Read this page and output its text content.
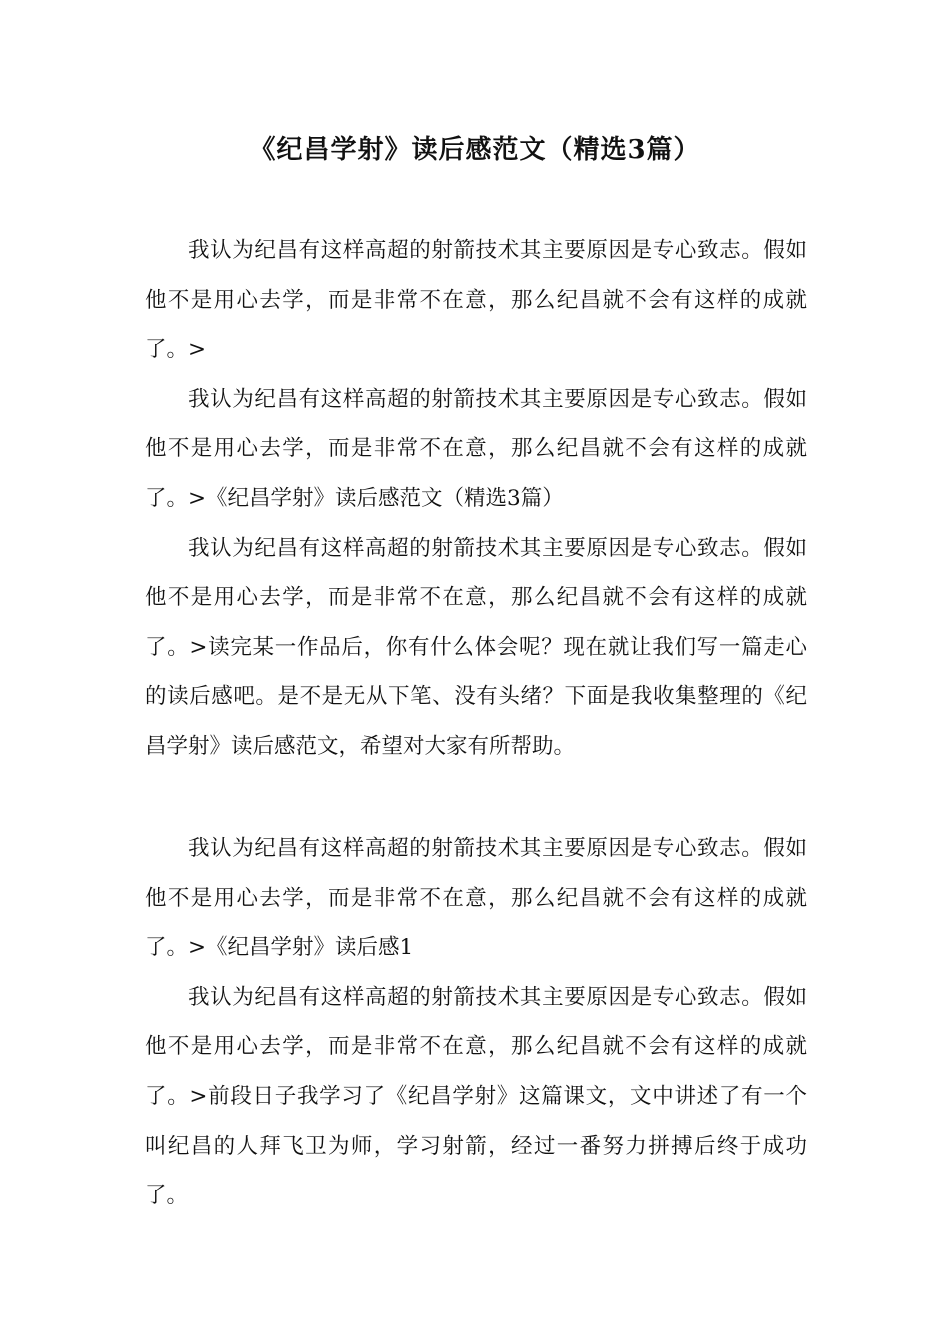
《纪昌学射》读后感范文（精选3篇）

我认为纪昌有这样高超的射箭技术其主要原因是专心致志。假如他不是用心去学，而是非常不在意，那么纪昌就不会有这样的成就了。>

我认为纪昌有这样高超的射箭技术其主要原因是专心致志。假如他不是用心去学，而是非常不在意，那么纪昌就不会有这样的成就了。>《纪昌学射》读后感范文（精选3篇）

我认为纪昌有这样高超的射箭技术其主要原因是专心致志。假如他不是用心去学，而是非常不在意，那么纪昌就不会有这样的成就了。>读完某一作品后，你有什么体会呢？现在就让我们写一篇走心的读后感吧。是不是无从下笔、没有头绪？下面是我收集整理的《纪昌学射》读后感范文，希望对大家有所帮助。

我认为纪昌有这样高超的射箭技术其主要原因是专心致志。假如他不是用心去学，而是非常不在意，那么纪昌就不会有这样的成就了。>《纪昌学射》读后感1

我认为纪昌有这样高超的射箭技术其主要原因是专心致志。假如他不是用心去学，而是非常不在意，那么纪昌就不会有这样的成就了。>前段日子我学习了《纪昌学射》这篇课文，文中讲述了有一个叫纪昌的人拜飞卫为师，学习射箭，经过一番努力拼搏后终于成功了。
